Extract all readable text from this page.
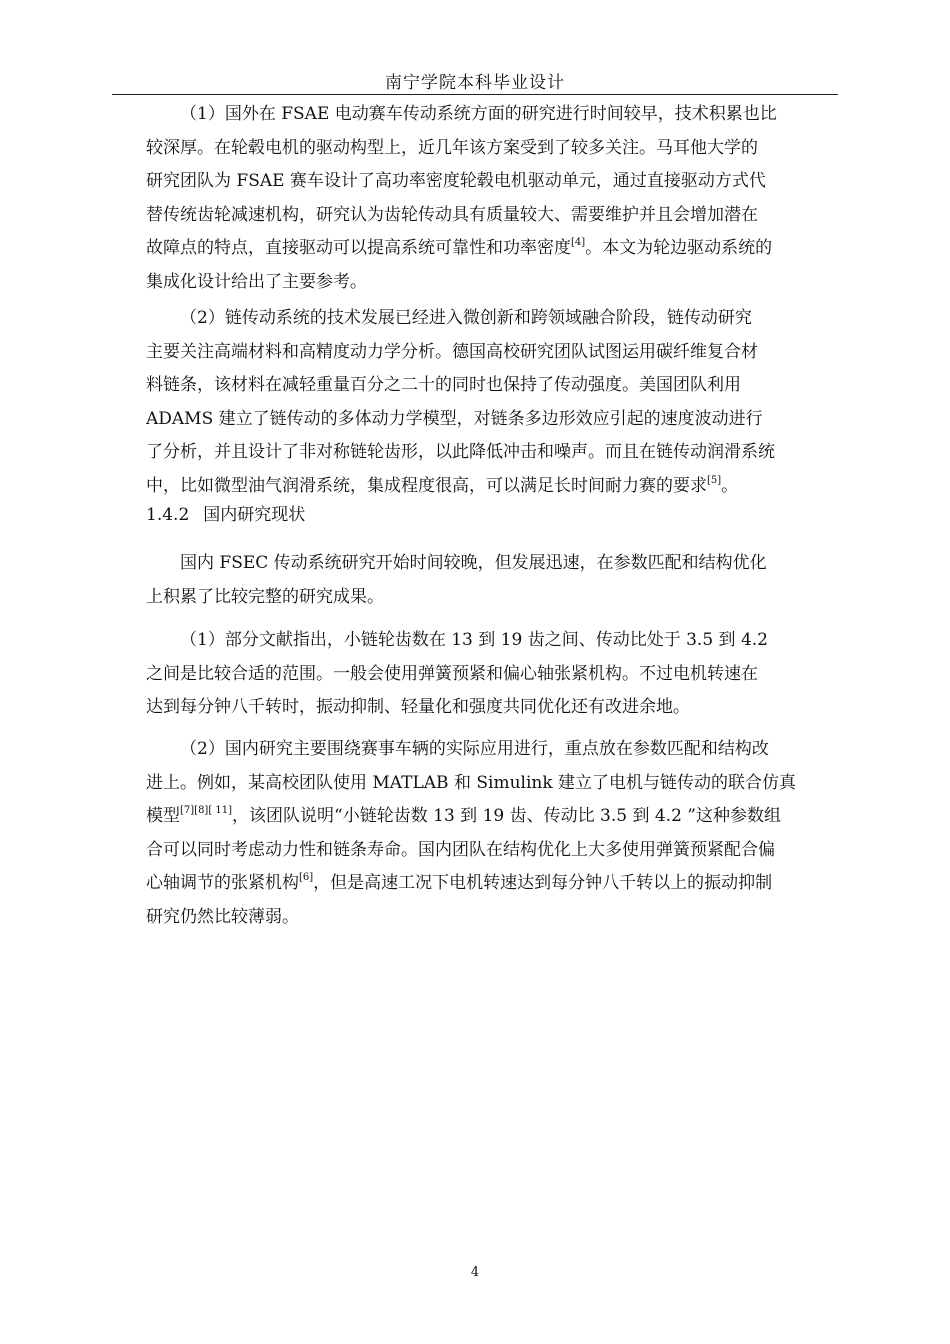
南宁学院本科毕业设计
（1）国外在 FSAE 电动赛车传动系统方面的研究进行时间较早，技术积累也比
较深厚。在轮毂电机的驱动构型上，近几年该方案受到了较多关注。马耳他大学的
研究团队为 FSAE 赛车设计了高功率密度轮毂电机驱动单元，通过直接驱动方式代
替传统齿轮减速机构，研究认为齿轮传动具有质量较大、需要维护并且会增加潜在
故障点的特点，直接驱动可以提高系统可靠性和功率密度[4]。本文为轮边驱动系统的
集成化设计给出了主要参考。
（2）链传动系统的技术发展已经进入微创新和跨领域融合阶段，链传动研究
主要关注高端材料和高精度动力学分析。德国高校研究团队试图运用碳纤维复合材
料链条，该材料在减轻重量百分之二十的同时也保持了传动强度。美国团队利用
ADAMS 建立了链传动的多体动力学模型，对链条多边形效应引起的速度波动进行
了分析，并且设计了非对称链轮齿形，以此降低冲击和噪声。而且在链传动润滑系统
中，比如微型油气润滑系统，集成程度很高，可以满足长时间耐力赛的要求[5]。
1.4.2 国内研究现状
国内 FSEC 传动系统研究开始时间较晚，但发展迅速，在参数匹配和结构优化
上积累了比较完整的研究成果。
（1）部分文献指出，小链轮齿数在 13 到 19 齿之间、传动比处于 3.5 到 4.2
之间是比较合适的范围。一般会使用弹簧预紧和偏心轴张紧机构。不过电机转速在
达到每分钟八千转时，振动抑制、轻量化和强度共同优化还有改进余地。
（2）国内研究主要围绕赛事车辆的实际应用进行，重点放在参数匹配和结构改
进上。例如，某高校团队使用 MATLAB 和 Simulink 建立了电机与链传动的联合仿真
模型[7][8][ 11]，该团队说明“小链轮齿数 13 到 19 齿、传动比 3.5 到 4.2 ”这种参数组
合可以同时考虑动力性和链条寿命。国内团队在结构优化上大多使用弹簧预紧配合偏
心轴调节的张紧机构[6]，但是高速工况下电机转速达到每分钟八千转以上的振动抑制
研究仍然比较薄弱。
4
